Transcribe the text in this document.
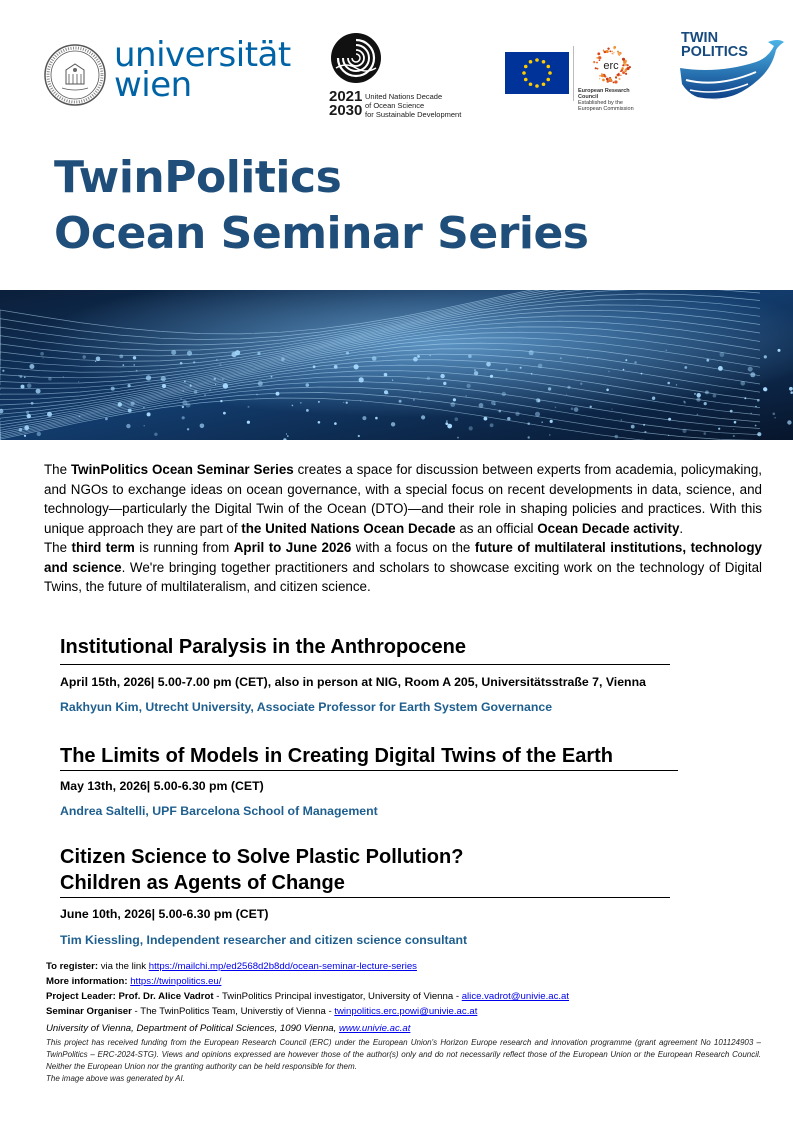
universität
wien	2021
2030
United Nations Decade
of Ocean Science
for Sustainable Development
erc
European Research Council
Established by the European Commission
TWIN
POLITICS
TwinPolitics
Ocean Seminar Series

The TwinPolitics Ocean Seminar Series creates a space for discussion between experts from academia, policymaking, and NGOs to exchange ideas on ocean governance, with a special focus on recent developments in data, science, and technology—particularly the Digital Twin of the Ocean (DTO)—and their role in shaping policies and practices. With this unique approach they are part of the United Nations Ocean Decade as an official Ocean Decade activity.

The third term is running from April to June 2026 with a focus on the future of multilateral institutions, technology and science. We're bringing together practitioners and scholars to showcase exciting work on the technology of Digital Twins, the future of multilateralism, and citizen science.

Institutional Paralysis in the Anthropocene
April 15th, 2026| 5.00-7.00 pm (CET), also in person at NIG, Room A 205, Universitätsstraße 7, Vienna
Rakhyun Kim, Utrecht University, Associate Professor for Earth System Governance
The Limits of Models in Creating Digital Twins of the Earth
May 13th, 2026| 5.00-6.30 pm (CET)
Andrea Saltelli, UPF Barcelona School of Management
Citizen Science to Solve Plastic Pollution?
Children as Agents of Change
June 10th, 2026| 5.00-6.30 pm (CET)
Tim Kiessling, Independent researcher and citizen science consultant
To register: via the link https://mailchi.mp/ed2568d2b8dd/ocean-seminar-lecture-series
More information: https://twinpolitics.eu/
Project Leader: Prof. Dr. Alice Vadrot - TwinPolitics Principal investigator, University of Vienna - alice.vadrot@univie.ac.at
Seminar Organiser - The TwinPolitics Team, Universtiy of Vienna - twinpolitics.erc.powi@univie.ac.at
University of Vienna, Department of Political Sciences, 1090 Vienna, www.univie.ac.at

This project has received funding from the European Research Council (ERC) under the European Union's Horizon Europe research and innovation programme (grant agreement No 101124903 – TwinPolitics – ERC-2024-STG). Views and opinions expressed are however those of the author(s) only and do not necessarily reflect those of the European Union or the European Research Council. Neither the European Union nor the granting authority can be held responsible for them.

The image above was generated by AI.
